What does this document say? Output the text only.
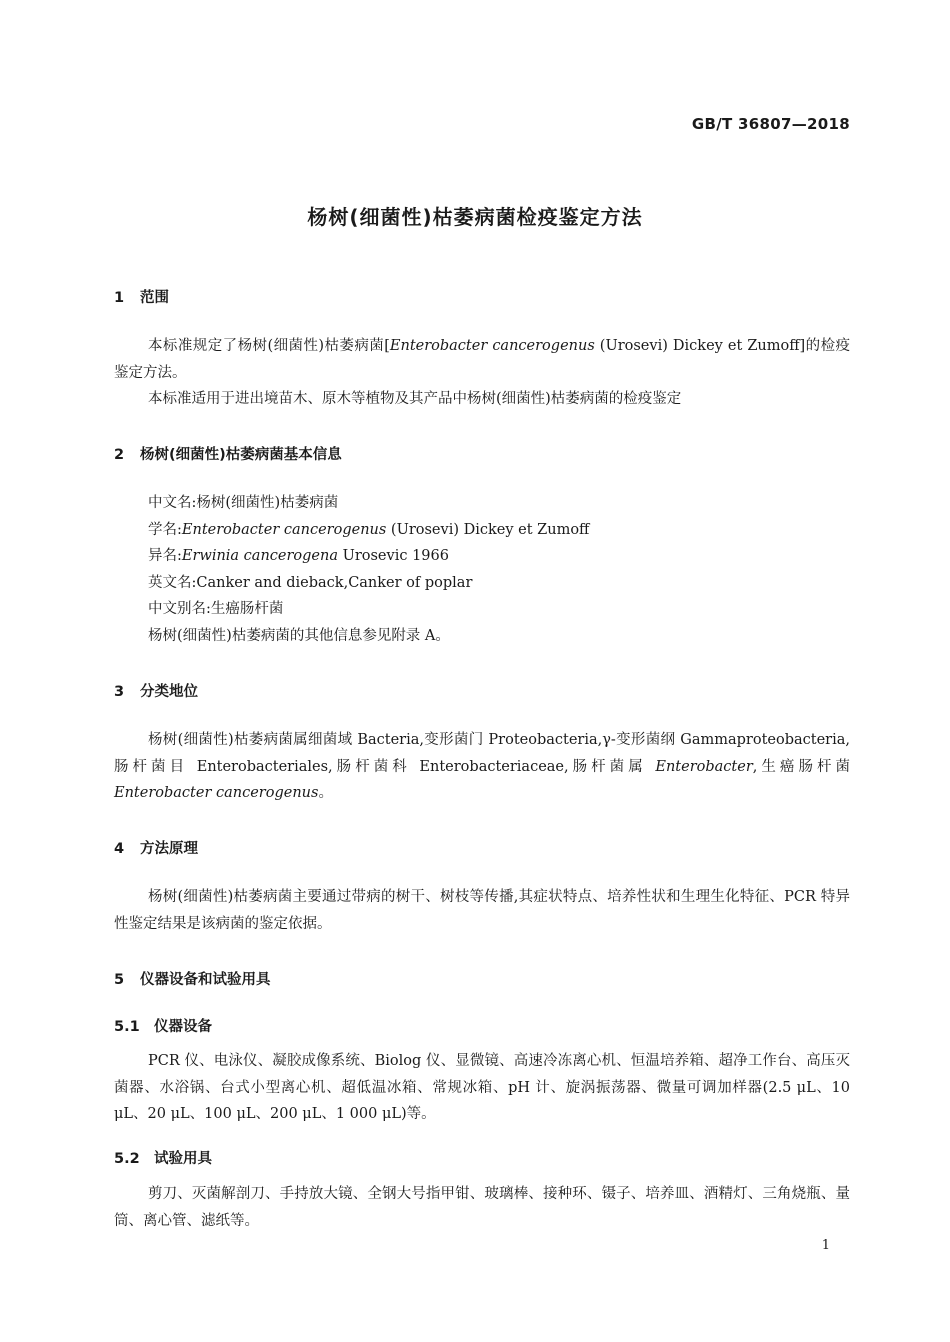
GB/T 36807—2018
杨树(细菌性)枯萎病菌检疫鉴定方法
1 范围
本标准规定了杨树(细菌性)枯萎病菌[Enterobacter cancerogenus (Urosevi) Dickey et Zumoff]的检疫鉴定方法。
本标准适用于进出境苗木、原木等植物及其产品中杨树(细菌性)枯萎病菌的检疫鉴定
2 杨树(细菌性)枯萎病菌基本信息
中文名:杨树(细菌性)枯萎病菌
学名:Enterobacter cancerogenus (Urosevi) Dickey et Zumoff
异名:Erwinia cancerogena Urosevic 1966
英文名:Canker and dieback,Canker of poplar
中文别名:生癌肠杆菌
杨树(细菌性)枯萎病菌的其他信息参见附录 A。
3 分类地位
杨树(细菌性)枯萎病菌属细菌域 Bacteria,变形菌门 Proteobacteria,γ-变形菌纲 Gammaproteobacteria,肠杆菌目 Enterobacteriales,肠杆菌科 Enterobacteriaceae,肠杆菌属 Enterobacter,生癌肠杆菌 Enterobacter cancerogenus。
4 方法原理
杨树(细菌性)枯萎病菌主要通过带病的树干、树枝等传播,其症状特点、培养性状和生理生化特征、PCR 特异性鉴定结果是该病菌的鉴定依据。
5 仪器设备和试验用具
5.1 仪器设备
PCR 仪、电泳仪、凝胶成像系统、Biolog 仪、显微镜、高速冷冻离心机、恒温培养箱、超净工作台、高压灭菌器、水浴锅、台式小型离心机、超低温冰箱、常规冰箱、pH 计、旋涡振荡器、微量可调加样器(2.5 μL、10 μL、20 μL、100 μL、200 μL、1 000 μL)等。
5.2 试验用具
剪刀、灭菌解剖刀、手持放大镜、全钢大号指甲钳、玻璃棒、接种环、镊子、培养皿、酒精灯、三角烧瓶、量筒、离心管、滤纸等。
1
